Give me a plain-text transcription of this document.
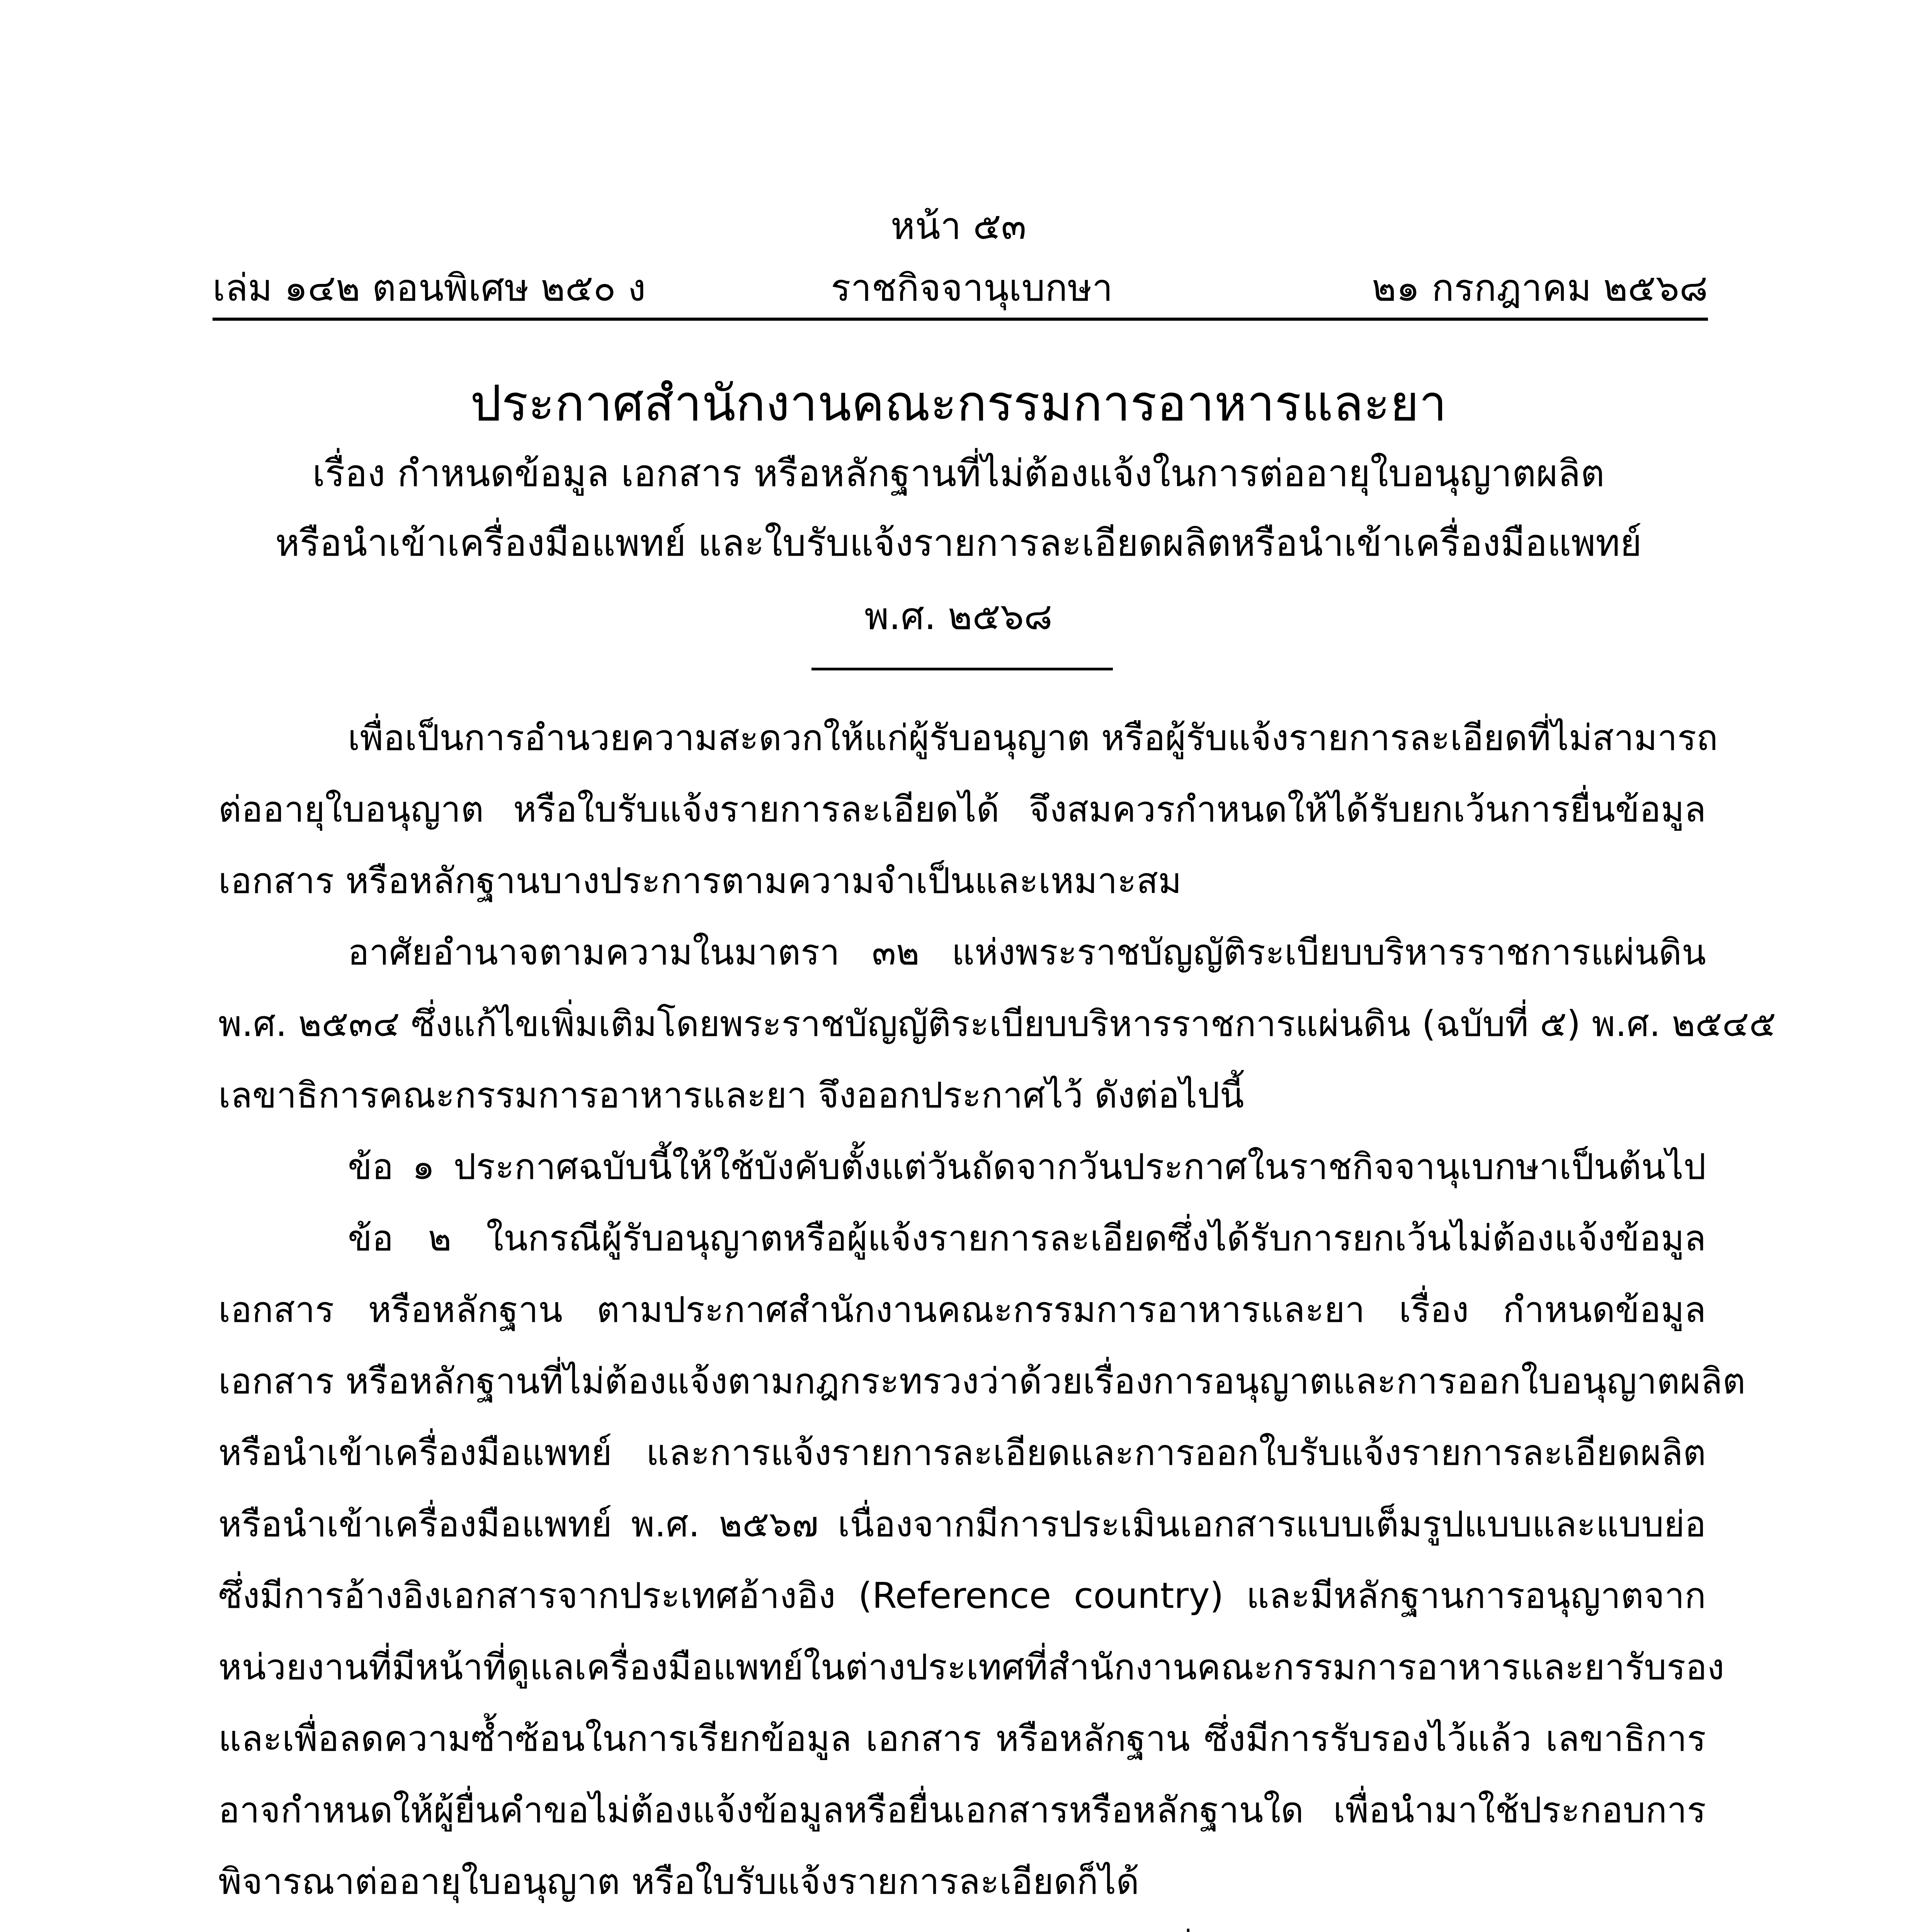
หน้า ๕๓
เล่ม ๑๔๒ ตอนพิเศษ ๒๕๐ ง	ราชกิจจานุเบกษา	๒๑ กรกฎาคม ๒๕๖๘
ประกาศสำนักงานคณะกรรมการอาหารและยา
เรื่อง กำหนดข้อมูล เอกสาร หรือหลักฐานที่ไม่ต้องแจ้งในการต่ออายุใบอนุญาตผลิต
หรือนำเข้าเครื่องมือแพทย์ และใบรับแจ้งรายการละเอียดผลิตหรือนำเข้าเครื่องมือแพทย์
พ.ศ. ๒๕๖๘
เพื่อเป็นการอำนวยความสะดวกให้แก่ผู้รับอนุญาต หรือผู้รับแจ้งรายการละเอียดที่ไม่สามารถ
ต่ออายุใบอนุญาต หรือใบรับแจ้งรายการละเอียดได้ จึงสมควรกำหนดให้ได้รับยกเว้นการยื่นข้อมูล
เอกสาร หรือหลักฐานบางประการตามความจำเป็นและเหมาะสม
อาศัยอำนาจตามความในมาตรา ๓๒ แห่งพระราชบัญญัติระเบียบบริหารราชการแผ่นดิน
พ.ศ. ๒๕๓๔ ซึ่งแก้ไขเพิ่มเติมโดยพระราชบัญญัติระเบียบบริหารราชการแผ่นดิน (ฉบับที่ ๕) พ.ศ. ๒๕๔๕
เลขาธิการคณะกรรมการอาหารและยา จึงออกประกาศไว้ ดังต่อไปนี้
ข้อ ๑ ประกาศฉบับนี้ให้ใช้บังคับตั้งแต่วันถัดจากวันประกาศในราชกิจจานุเบกษาเป็นต้นไป
ข้อ ๒ ในกรณีผู้รับอนุญาตหรือผู้แจ้งรายการละเอียดซึ่งได้รับการยกเว้นไม่ต้องแจ้งข้อมูล
เอกสาร หรือหลักฐาน ตามประกาศสำนักงานคณะกรรมการอาหารและยา เรื่อง กำหนดข้อมูล
เอกสาร หรือหลักฐานที่ไม่ต้องแจ้งตามกฎกระทรวงว่าด้วยเรื่องการอนุญาตและการออกใบอนุญาตผลิต
หรือนำเข้าเครื่องมือแพทย์ และการแจ้งรายการละเอียดและการออกใบรับแจ้งรายการละเอียดผลิต
หรือนำเข้าเครื่องมือแพทย์ พ.ศ. ๒๕๖๗ เนื่องจากมีการประเมินเอกสารแบบเต็มรูปแบบและแบบย่อ
ซึ่งมีการอ้างอิงเอกสารจากประเทศอ้างอิง (Reference country) และมีหลักฐานการอนุญาตจาก
หน่วยงานที่มีหน้าที่ดูแลเครื่องมือแพทย์ในต่างประเทศที่สำนักงานคณะกรรมการอาหารและยารับรอง
และเพื่อลดความซ้ำซ้อนในการเรียกข้อมูล เอกสาร หรือหลักฐาน ซึ่งมีการรับรองไว้แล้ว เลขาธิการ
อาจกำหนดให้ผู้ยื่นคำขอไม่ต้องแจ้งข้อมูลหรือยื่นเอกสารหรือหลักฐานใด เพื่อนำมาใช้ประกอบการ
พิจารณาต่ออายุใบอนุญาต หรือใบรับแจ้งรายการละเอียดก็ได้
